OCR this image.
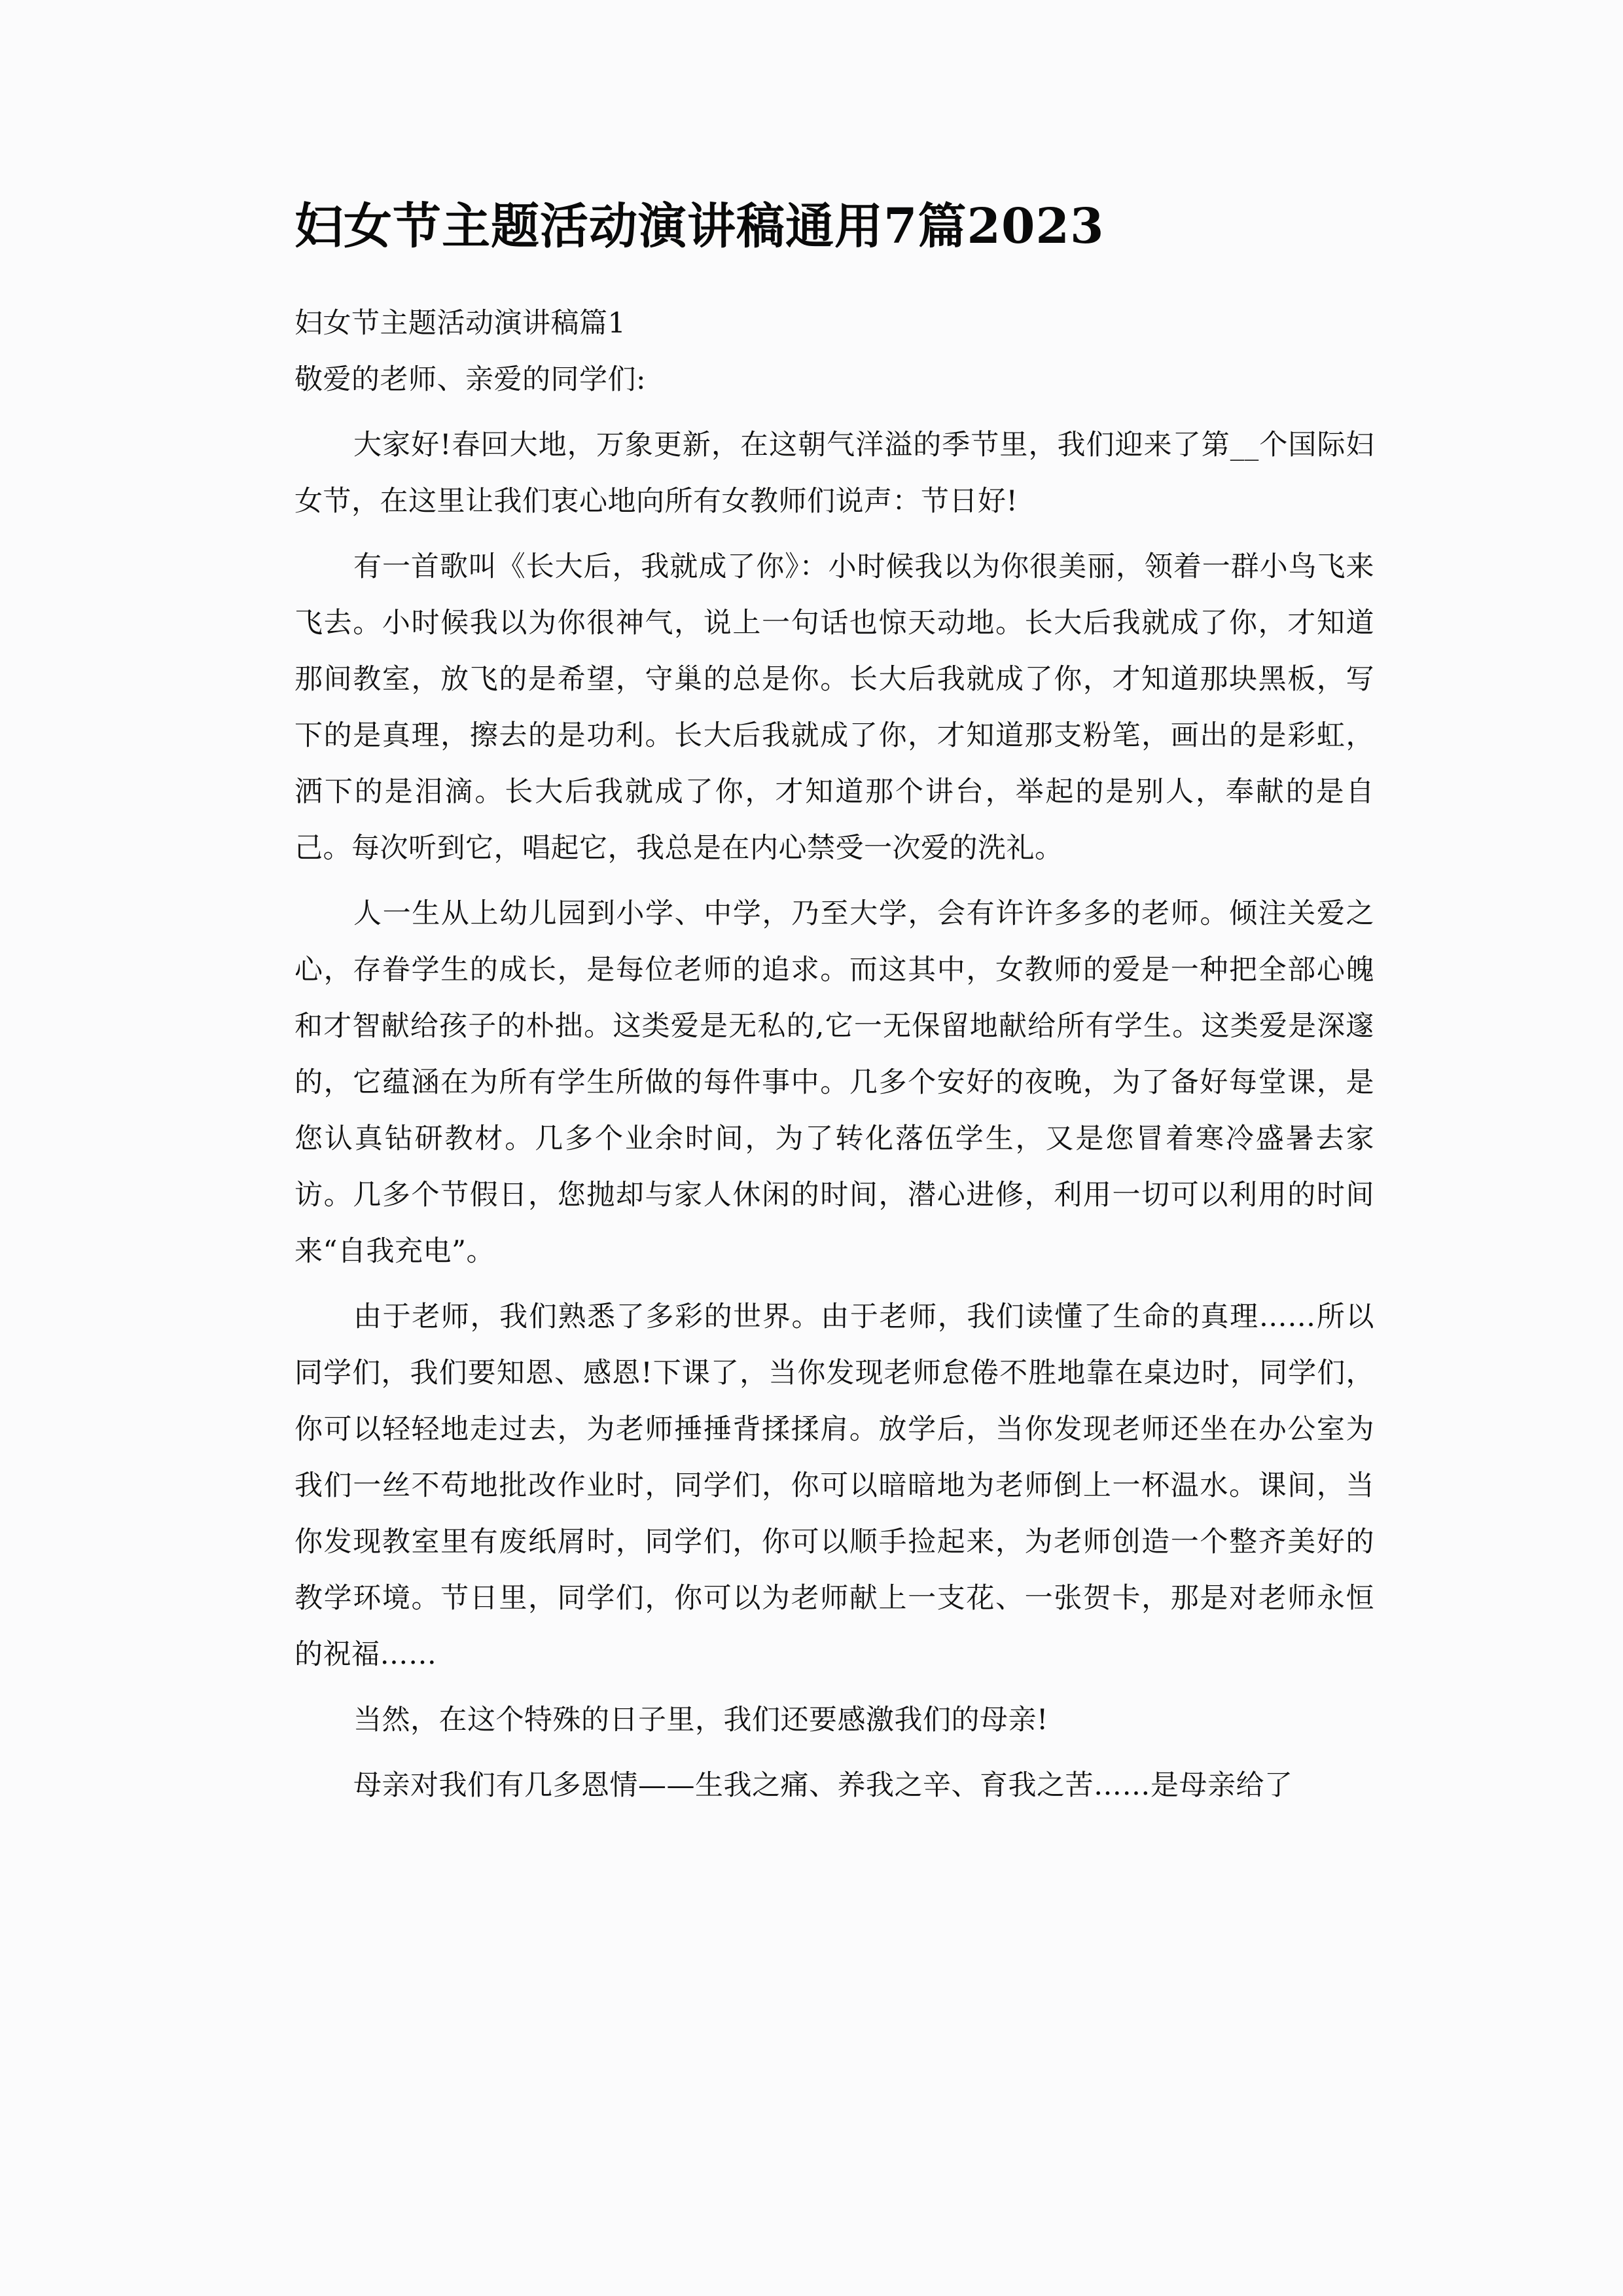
妇女节主题活动演讲稿通用7篇2023

妇女节主题活动演讲稿篇1

敬爱的老师、亲爱的同学们:

大家好!春回大地，万象更新，在这朝气洋溢的季节里，我们迎来了第__个国际妇女节，在这里让我们衷心地向所有女教师们说声：节日好!

有一首歌叫《长大后，我就成了你》：小时候我以为你很美丽，领着一群小鸟飞来飞去。小时候我以为你很神气，说上一句话也惊天动地。长大后我就成了你，才知道那间教室，放飞的是希望，守巢的总是你。长大后我就成了你，才知道那块黑板，写下的是真理，擦去的是功利。长大后我就成了你，才知道那支粉笔，画出的是彩虹，洒下的是泪滴。长大后我就成了你，才知道那个讲台，举起的是别人，奉献的是自己。每次听到它，唱起它，我总是在内心禁受一次爱的洗礼。

人一生从上幼儿园到小学、中学，乃至大学，会有许许多多的老师。倾注关爱之心，存眷学生的成长，是每位老师的追求。而这其中，女教师的爱是一种把全部心魄和才智献给孩子的朴拙。这类爱是无私的,它一无保留地献给所有学生。这类爱是深邃的，它蕴涵在为所有学生所做的每件事中。几多个安好的夜晚，为了备好每堂课，是您认真钻研教材。几多个业余时间，为了转化落伍学生，又是您冒着寒冷盛暑去家访。几多个节假日，您抛却与家人休闲的时间，潜心进修，利用一切可以利用的时间来“自我充电”。

由于老师，我们熟悉了多彩的世界。由于老师，我们读懂了生命的真理……所以同学们，我们要知恩、感恩!下课了，当你发现老师怠倦不胜地靠在桌边时，同学们，你可以轻轻地走过去，为老师捶捶背揉揉肩。放学后，当你发现老师还坐在办公室为我们一丝不苟地批改作业时，同学们，你可以暗暗地为老师倒上一杯温水。课间，当你发现教室里有废纸屑时，同学们，你可以顺手捡起来，为老师创造一个整齐美好的教学环境。节日里，同学们，你可以为老师献上一支花、一张贺卡，那是对老师永恒的祝福……

当然，在这个特殊的日子里，我们还要感激我们的母亲!

母亲对我们有几多恩情——生我之痛、养我之辛、育我之苦……是母亲给了
